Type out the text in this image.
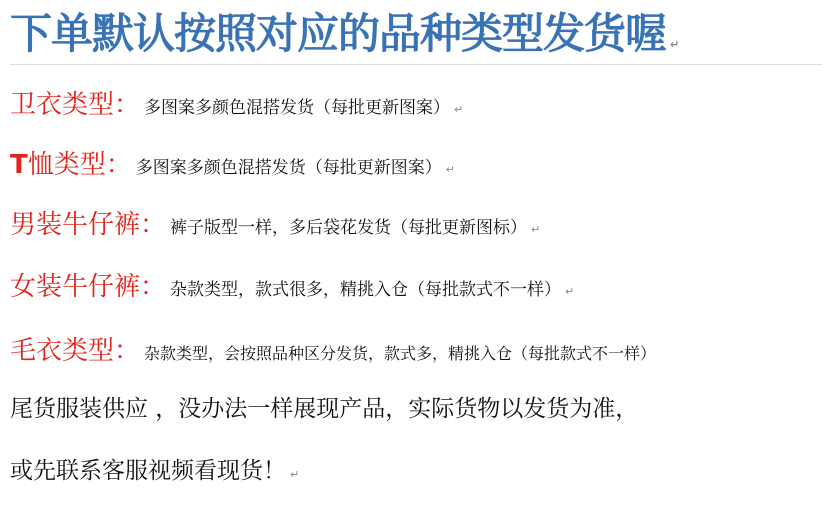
下单默认按照对应的品种类型发货喔 ↵
卫衣类型： 多图案多颜色混搭发货（每批更新图案） ↵
T 恤类型： 多图案多颜色混搭发货（每批更新图案） ↵
男装牛仔裤： 裤子版型一样，多后袋花发货（每批更新图标） ↵
女装牛仔裤： 杂款类型，款式很多，精挑入仓（每批款式不一样） ↵
毛衣类型： 杂款类型，会按照品种区分发货，款式多，精挑入仓（每批款式不一样）
尾货服装供应 ，没办法一样展现产品，实际货物以发货为准，
或先联系客服视频看现货！ ↵
